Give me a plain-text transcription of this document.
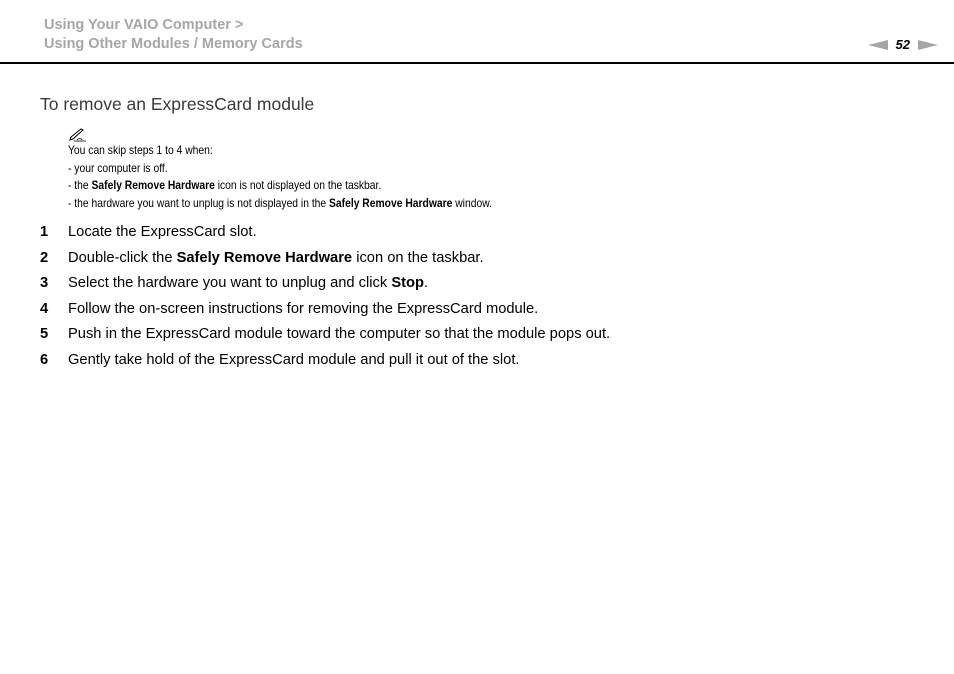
Using Your VAIO Computer >
Using Other Modules / Memory Cards	52
To remove an ExpressCard module
You can skip steps 1 to 4 when:
- your computer is off.
- the Safely Remove Hardware icon is not displayed on the taskbar.
- the hardware you want to unplug is not displayed in the Safely Remove Hardware window.
1 Locate the ExpressCard slot.
2 Double-click the Safely Remove Hardware icon on the taskbar.
3 Select the hardware you want to unplug and click Stop.
4 Follow the on-screen instructions for removing the ExpressCard module.
5 Push in the ExpressCard module toward the computer so that the module pops out.
6 Gently take hold of the ExpressCard module and pull it out of the slot.
